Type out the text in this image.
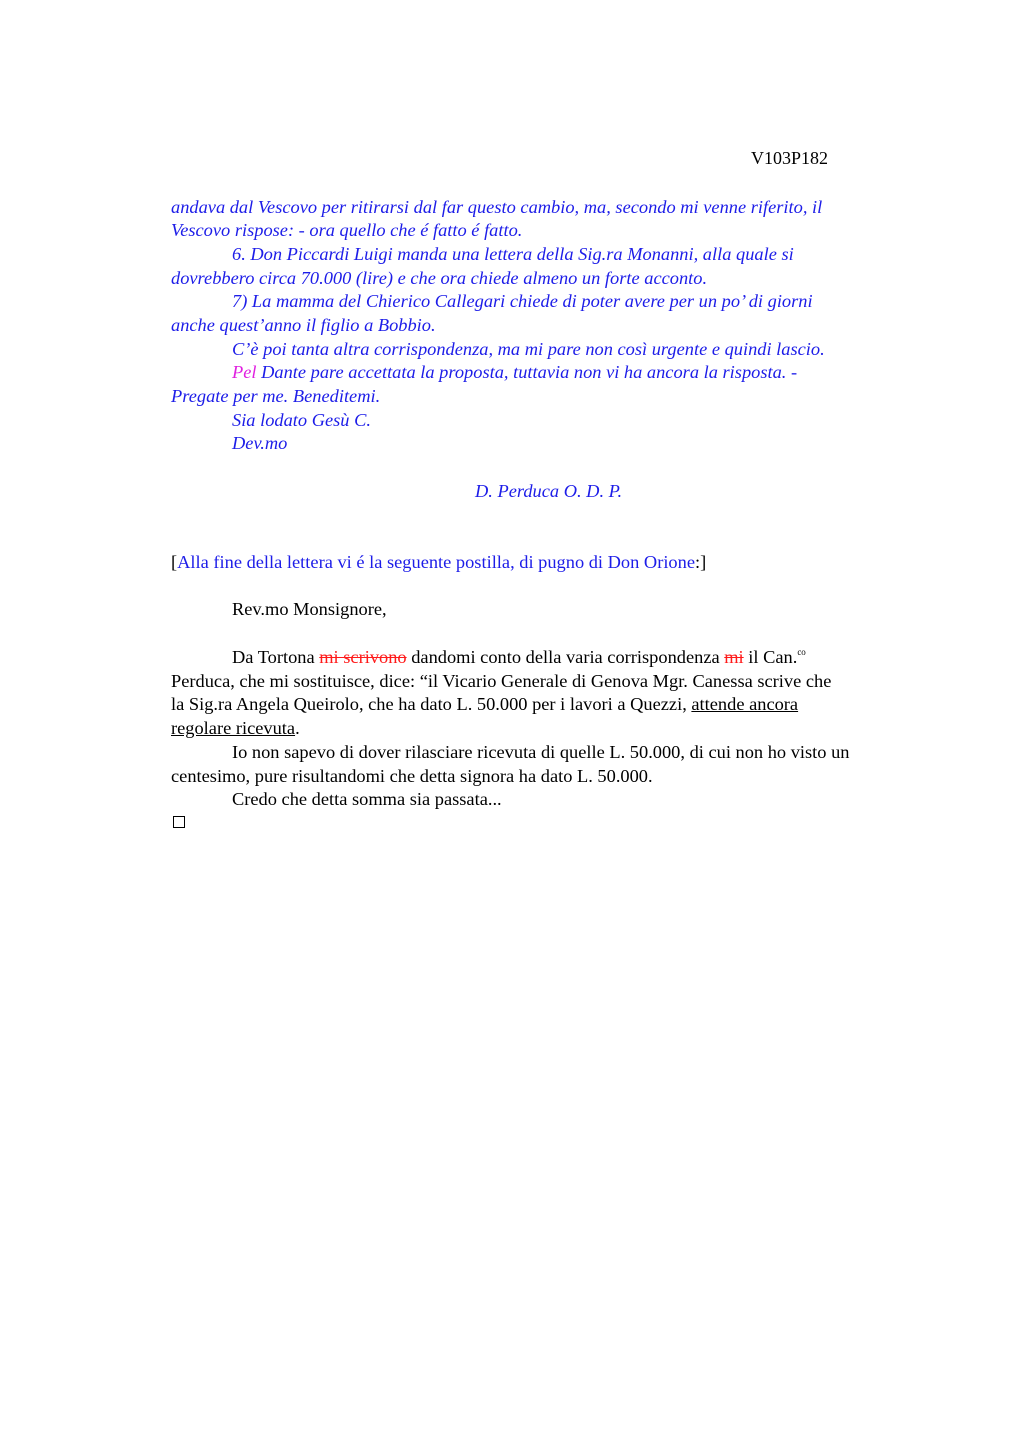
V103P182
andava dal Vescovo per ritirarsi dal far questo cambio, ma, secondo mi venne riferito, il
Vescovo rispose: - ora quello che é fatto é fatto.
6. Don Piccardi Luigi manda una lettera della Sig.ra Monanni, alla quale si
dovrebbero circa 70.000 (lire) e che ora chiede almeno un forte acconto.
7) La mamma del Chierico Callegari chiede di poter avere per un po’ di giorni
anche quest’anno il figlio a Bobbio.
C’è poi tanta altra corrispondenza, ma mi pare non così urgente e quindi lascio.
Pel Dante pare accettata la proposta, tuttavia non vi ha ancora la risposta. -
Pregate per me. Beneditemi.
Sia lodato Gesù C.
Dev.mo
D. Perduca O. D. P.
[Alla fine della lettera vi é la seguente postilla, di pugno di Don Orione:]
Rev.mo Monsignore,
Da Tortona mi scrivono dandomi conto della varia corrispondenza mi il Can.$^{co}$
Perduca, che mi sostituisce, dice: “il Vicario Generale di Genova Mgr. Canessa scrive che
la Sig.ra Angela Queirolo, che ha dato L. 50.000 per i lavori a Quezzi, attende ancora
regolare ricevuta.
Io non sapevo di dover rilasciare ricevuta di quelle L. 50.000, di cui non ho visto un
centesimo, pure risultandomi che detta signora ha dato L. 50.000.
Credo che detta somma sia passata...
